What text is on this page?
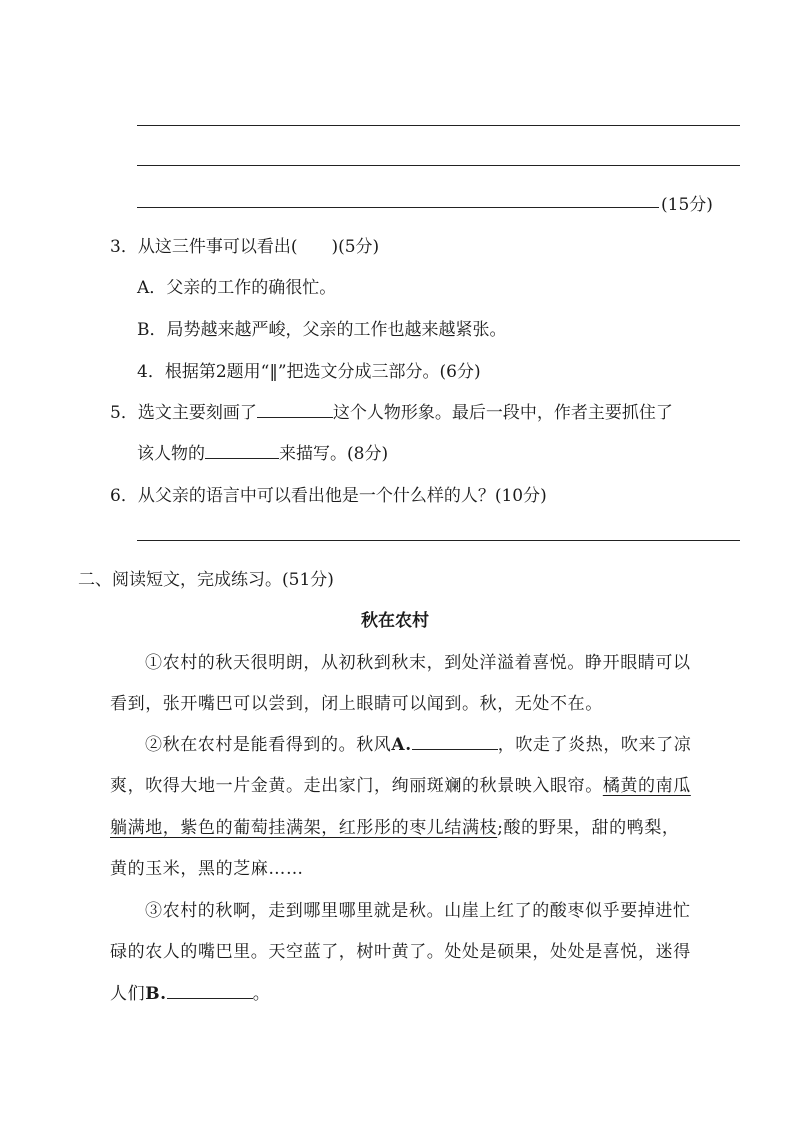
(15分)
3．从这三件事可以看出(　　)(5分)
A．父亲的工作的确很忙。
B．局势越来越严峻，父亲的工作也越来越紧张。
4．根据第2题用“‖”把选文分成三部分。(6分)
5．选文主要刻画了	这个人物形象。最后一段中，作者主要抓住了
该人物的	来描写。(8分)
6．从父亲的语言中可以看出他是一个什么样的人？(10分)
二、阅读短文，完成练习。(51分)
秋在农村
①农村的秋天很明朗，从初秋到秋末，到处洋溢着喜悦。睁开眼睛可以
看到，张开嘴巴可以尝到，闭上眼睛可以闻到。秋，无处不在。
②秋在农村是能看得到的。秋风A.	，吹走了炎热，吹来了凉
爽，吹得大地一片金黄。走出家门，绚丽斑斓的秋景映入眼帘。橘黄的南瓜
躺满地，紫色的葡萄挂满架，红彤彤的枣儿结满枝;酸的野果，甜的鸭梨，
黄的玉米，黑的芝麻……
③农村的秋啊，走到哪里哪里就是秋。山崖上红了的酸枣似乎要掉进忙
碌的农人的嘴巴里。天空蓝了，树叶黄了。处处是硕果，处处是喜悦，迷得
人们B.	。
